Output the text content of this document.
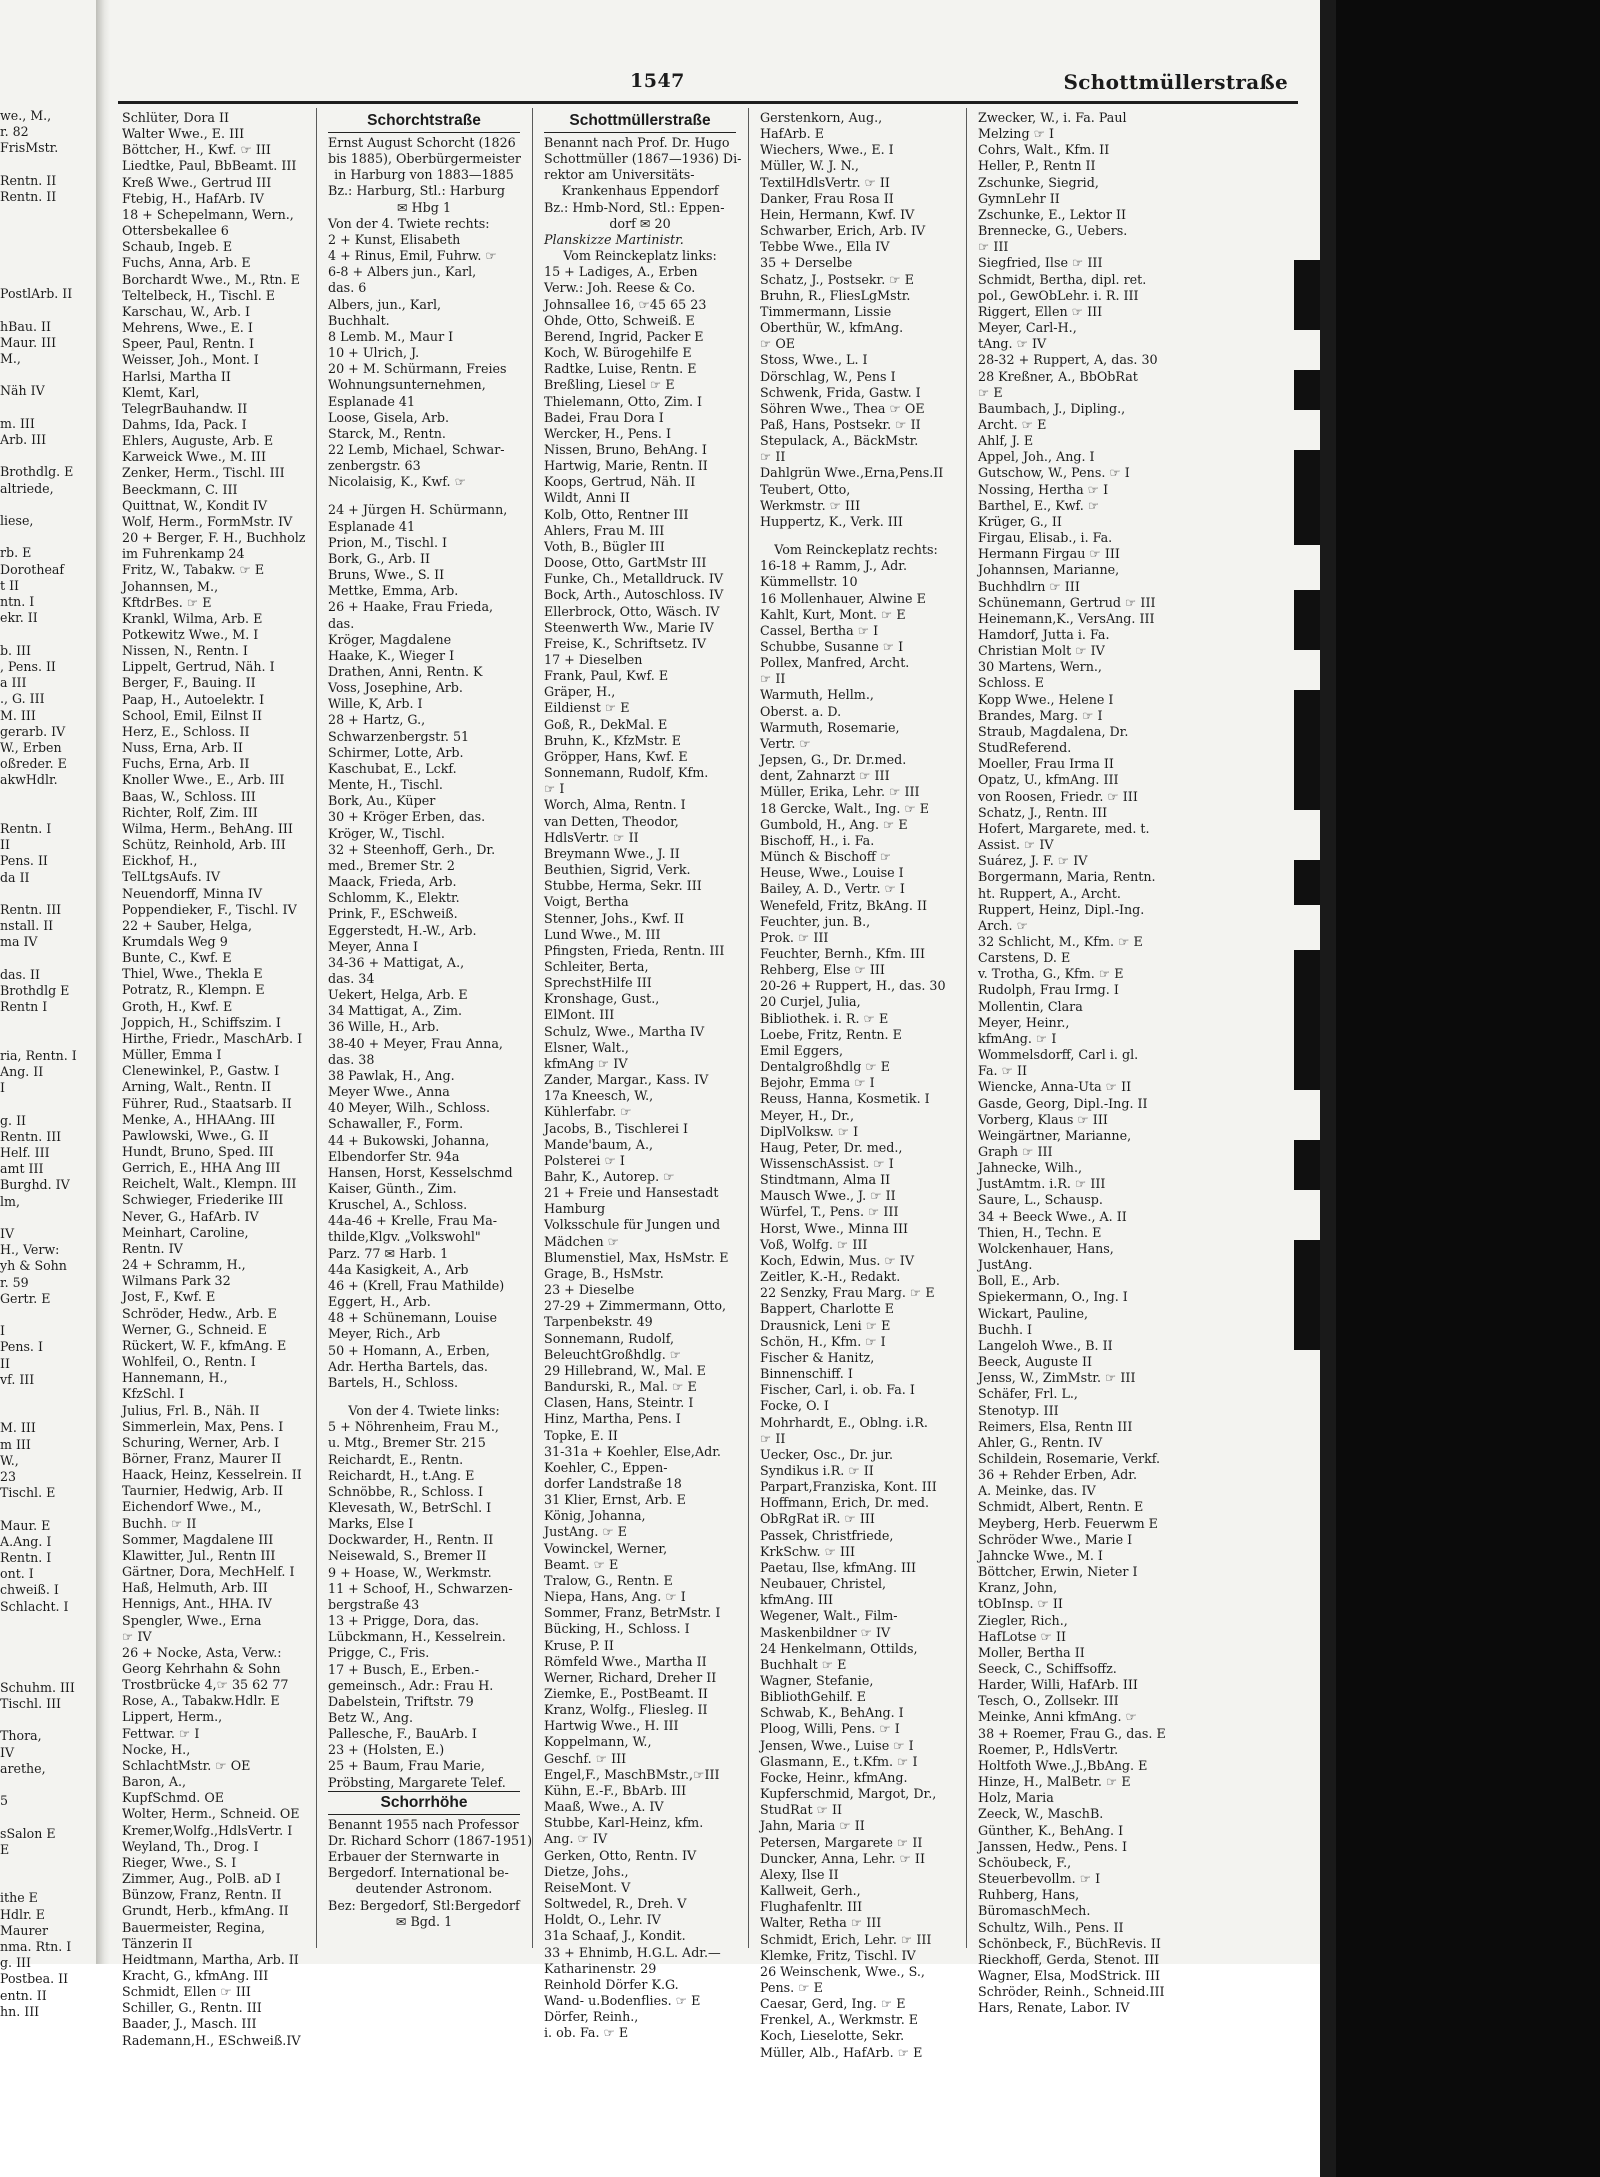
we., M.,
r. 82
FrisMstr.

Rentn. II
Rentn. II

PostlArb. II

hBau. II
Maur. III
M.,

Näh IV

m. III
Arb. III

Brothdlg. E
altriede,

liese,

rb. E
Dorotheaf
t II
ntn. I
ekr. II

b. III
, Pens. II
a III
., G. III
M. III
gerarb. IV
W., Erben
oßreder. E
akwHdlr.

Rentn. I
II
Pens. II
da II

Rentn. III
nstall. II
ma IV

das. II
Brothdlg E
Rentn I

ria, Rentn. I
Ang. II
I

g. II
Rentn. III
Helf. III
amt III
Burghd. IV
lm,

IV
H., Verw:
yh & Sohn
r. 59
Gertr. E

I
Pens. I
II
vf. III

M. III
m III
W.,
23
Tischl. E

Maur. E
A.Ang. I
Rentn. I
ont. I
chweiß. I
Schlacht. I

Schuhm. III
Tischl. III

Thora,
IV
arethe,

5

sSalon E
E

ithe E
Hdlr. E
Maurer
nma. Rtn. I
g. III
Postbea. II
entn. II
hn. III
1547	Schottmüllerstraße
Schlüter, Dora II
Walter Wwe., E. III
Böttcher, H., Kwf. ☞ III
Liedtke, Paul, BbBeamt. III
Kreß Wwe., Gertrud III
Ftebig, H., HafArb. IV
18 + Schepelmann, Wern.,
Ottersbekallee 6
Schaub, Ingeb. E
Fuchs, Anna, Arb. E
Borchardt Wwe., M., Rtn. E
Teltelbeck, H., Tischl. E
Karschau, W., Arb. I
Mehrens, Wwe., E. I
Speer, Paul, Rentn. I
Weisser, Joh., Mont. I
Harlsi, Martha II
Klemt, Karl,
TelegrBauhandw. II
Dahms, Ida, Pack. I
Ehlers, Auguste, Arb. E
Karweick Wwe., M. III
Zenker, Herm., Tischl. III
Beeckmann, C. III
Quittnat, W., Kondit IV
Wolf, Herm., FormMstr. IV
20 + Berger, F. H., Buchholz
im Fuhrenkamp 24
Fritz, W., Tabakw. ☞ E
Johannsen, M.,
KftdrBes. ☞ E
Krankl, Wilma, Arb. E
Potkewitz Wwe., M. I
Nissen, N., Rentn. I
Lippelt, Gertrud, Näh. I
Berger, F., Bauing. II
Paap, H., Autoelektr. I
School, Emil, Eilnst II
Herz, E., Schloss. II
Nuss, Erna, Arb. II
Fuchs, Erna, Arb. II
Knoller Wwe., E., Arb. III
Baas, W., Schloss. III
Richter, Rolf, Zim. III
Wilma, Herm., BehAng. III
Schütz, Reinhold, Arb. III
Eickhof, H.,
TelLtgsAufs. IV
Neuendorff, Minna IV
Poppendieker, F., Tischl. IV
22 + Sauber, Helga,
Krumdals Weg 9
Bunte, C., Kwf. E
Thiel, Wwe., Thekla E
Potratz, R., Klempn. E
Groth, H., Kwf. E
Joppich, H., Schiffszim. I
Hirthe, Friedr., MaschArb. I
Müller, Emma I
Clenewinkel, P., Gastw. I
Arning, Walt., Rentn. II
Führer, Rud., Staatsarb. II
Menke, A., HHAAng. III
Pawlowski, Wwe., G. II
Hundt, Bruno, Sped. III
Gerrich, E., HHA Ang III
Reichelt, Walt., Klempn. III
Schwieger, Friederike III
Never, G., HafArb. IV
Meinhart, Caroline,
Rentn. IV
24 + Schramm, H.,
Wilmans Park 32
Jost, F., Kwf. E
Schröder, Hedw., Arb. E
Werner, G., Schneid. E
Rückert, W. F., kfmAng. E
Wohlfeil, O., Rentn. I
Hannemann, H.,
KfzSchl. I
Julius, Frl. B., Näh. II
Simmerlein, Max, Pens. I
Schuring, Werner, Arb. I
Börner, Franz, Maurer II
Haack, Heinz, Kesselrein. II
Taurnier, Hedwig, Arb. II
Eichendorf Wwe., M.,
Buchh. ☞ II
Sommer, Magdalene III
Klawitter, Jul., Rentn III
Gärtner, Dora, MechHelf. I
Haß, Helmuth, Arb. III
Hennigs, Ant., HHA. IV
Spengler, Wwe., Erna
☞ IV
26 + Nocke, Asta, Verw.:
Georg Kehrhahn & Sohn
Trostbrücke 4,☞ 35 62 77
Rose, A., Tabakw.Hdlr. E
Lippert, Herm.,
Fettwar. ☞ I
Nocke, H.,
SchlachtMstr. ☞ OE
Baron, A.,
KupfSchmd. OE
Wolter, Herm., Schneid. OE
Kremer,Wolfg.,HdlsVertr. I
Weyland, Th., Drog. I
Rieger, Wwe., S. I
Zimmer, Aug., PolB. aD I
Bünzow, Franz, Rentn. II
Grundt, Herb., kfmAng. II
Bauermeister, Regina,
Tänzerin II
Heidtmann, Martha, Arb. II
Kracht, G., kfmAng. III
Schmidt, Ellen ☞ III
Schiller, G., Rentn. III
Baader, J., Masch. III
Rademann,H., ESchweiß.IV
Schorchtstraße
Ernst August Schorcht (1826
bis 1885), Oberbürgermeister
in Harburg von 1883—1885
Bz.: Harburg, Stl.: Harburg
✉ Hbg 1
Von der 4. Twiete rechts:
2 + Kunst, Elisabeth
4 + Rinus, Emil, Fuhrw. ☞
6-8 + Albers jun., Karl,
das. 6
Albers, jun., Karl,
Buchhalt.
8 Lemb. M., Maur I
10 + Ulrich, J.
20 + M. Schürmann, Freies
Wohnungsunternehmen,
Esplanade 41
Loose, Gisela, Arb.
Starck, M., Rentn.
22 Lemb, Michael, Schwar-
zenbergstr. 63
Nicolaisig, K., Kwf. ☞
24 + Jürgen H. Schürmann,
Esplanade 41
Prion, M., Tischl. I
Bork, G., Arb. II
Bruns, Wwe., S. II
Mettke, Emma, Arb.
26 + Haake, Frau Frieda,
das.
Kröger, Magdalene
Haake, K., Wieger I
Drathen, Anni, Rentn. K
Voss, Josephine, Arb.
Wille, K, Arb. I
28 + Hartz, G.,
Schwarzenbergstr. 51
Schirmer, Lotte, Arb.
Kaschubat, E., Lckf.
Mente, H., Tischl.
Bork, Au., Küper
30 + Kröger Erben, das.
Kröger, W., Tischl.
32 + Steenhoff, Gerh., Dr.
med., Bremer Str. 2
Maack, Frieda, Arb.
Schlomm, K., Elektr.
Prink, F., ESchweiß.
Eggerstedt, H.-W., Arb.
Meyer, Anna I
34-36 + Mattigat, A.,
das. 34
Uekert, Helga, Arb. E
34 Mattigat, A., Zim.
36 Wille, H., Arb.
38-40 + Meyer, Frau Anna,
das. 38
38 Pawlak, H., Ang.
Meyer Wwe., Anna
40 Meyer, Wilh., Schloss.
Schawaller, F., Form.
44 + Bukowski, Johanna,
Elbendorfer Str. 94a
Hansen, Horst, Kesselschmd
Kaiser, Günth., Zim.
Kruschel, A., Schloss.
44a-46 + Krelle, Frau Ma-
thilde,Klgv. „Volkswohl"
Parz. 77 ✉ Harb. 1
44a Kasigkeit, A., Arb
46 + (Krell, Frau Mathilde)
Eggert, H., Arb.
48 + Schünemann, Louise
Meyer, Rich., Arb
50 + Homann, A., Erben,
Adr. Hertha Bartels, das.
Bartels, H., Schloss.
Von der 4. Twiete links:
5 + Nöhrenheim, Frau M.,
u. Mtg., Bremer Str. 215
Reichardt, E., Rentn.
Reichardt, H., t.Ang. E
Schnöbbe, R., Schloss. I
Klevesath, W., BetrSchl. I
Marks, Else I
Dockwarder, H., Rentn. II
Neisewald, S., Bremer II
9 + Hoase, W., Werkmstr.
11 + Schoof, H., Schwarzen-
bergstraße 43
13 + Prigge, Dora, das.
Lübckmann, H., Kesselrein.
Prigge, C., Fris.
17 + Busch, E., Erben.-
gemeinsch., Adr.: Frau H.
Dabelstein, Triftstr. 79
Betz W., Ang.
Pallesche, F., BauArb. I
23 + (Holsten, E.)
25 + Baum, Frau Marie,
Pröbsting, Margarete Telef.
Schorrhöhe
Benannt 1955 nach Professor
Dr. Richard Schorr (1867-1951)
Erbauer der Sternwarte in
Bergedorf. International be-
deutender Astronom.
Bez: Bergedorf, Stl:Bergedorf
✉ Bgd. 1
Schottmüllerstraße
Benannt nach Prof. Dr. Hugo
Schottmüller (1867—1936) Di-
rektor am Universitäts-
Krankenhaus Eppendorf
Bz.: Hmb-Nord, Stl.: Eppen-
dorf ✉ 20
Planskizze Martinistr.
Vom Reinckeplatz links:
15 + Ladiges, A., Erben
Verw.: Joh. Reese & Co.
Johnsallee 16, ☞45 65 23
Ohde, Otto, Schweiß. E
Berend, Ingrid, Packer E
Koch, W. Bürogehilfe E
Radtke, Luise, Rentn. E
Breßling, Liesel ☞ E
Thielemann, Otto, Zim. I
Badei, Frau Dora I
Wercker, H., Pens. I
Nissen, Bruno, BehAng. I
Hartwig, Marie, Rentn. II
Koops, Gertrud, Näh. II
Wildt, Anni II
Kolb, Otto, Rentner III
Ahlers, Frau M. III
Voth, B., Bügler III
Doose, Otto, GartMstr III
Funke, Ch., Metalldruck. IV
Bock, Arth., Autoschloss. IV
Ellerbrock, Otto, Wäsch. IV
Steenwerth Ww., Marie IV
Freise, K., Schriftsetz. IV
17 + Dieselben
Frank, Paul, Kwf. E
Gräper, H.,
Eildienst ☞ E
Goß, R., DekMal. E
Bruhn, K., KfzMstr. E
Gröpper, Hans, Kwf. E
Sonnemann, Rudolf, Kfm.
☞ I
Worch, Alma, Rentn. I
van Detten, Theodor,
HdlsVertr. ☞ II
Breymann Wwe., J. II
Beuthien, Sigrid, Verk.
Stubbe, Herma, Sekr. III
Voigt, Bertha
Stenner, Johs., Kwf. II
Lund Wwe., M. III
Pfingsten, Frieda, Rentn. III
Schleiter, Berta,
SprechstHilfe III
Kronshage, Gust.,
ElMont. III
Schulz, Wwe., Martha IV
Elsner, Walt.,
kfmAng ☞ IV
Zander, Margar., Kass. IV
17a Kneesch, W.,
Kühlerfabr. ☞
Jacobs, B., Tischlerei I
Mande'baum, A.,
Polsterei ☞ I
Bahr, K., Autorep. ☞
21 + Freie und Hansestadt
Hamburg
Volksschule für Jungen und
Mädchen ☞
Blumenstiel, Max, HsMstr. E
Grage, B., HsMstr.
23 + Dieselbe
27-29 + Zimmermann, Otto,
Tarpenbekstr. 49
Sonnemann, Rudolf,
BeleuchtGroßhdlg. ☞
29 Hillebrand, W., Mal. E
Bandurski, R., Mal. ☞ E
Clasen, Hans, Steintr. I
Hinz, Martha, Pens. I
Topke, E. II
31-31a + Koehler, Else,Adr.
Koehler, C., Eppen-
dorfer Landstraße 18
31 Klier, Ernst, Arb. E
König, Johanna,
JustAng. ☞ E
Vowinckel, Werner,
Beamt. ☞ E
Tralow, G., Rentn. E
Niepa, Hans, Ang. ☞ I
Sommer, Franz, BetrMstr. I
Bücking, H., Schloss. I
Kruse, P. II
Römfeld Wwe., Martha II
Werner, Richard, Dreher II
Ziemke, E., PostBeamt. II
Kranz, Wolfg., Fliesleg. II
Hartwig Wwe., H. III
Koppelmann, W.,
Geschf. ☞ III
Engel,F., MaschBMstr.,☞III
Kühn, E.-F., BbArb. III
Maaß, Wwe., A. IV
Stubbe, Karl-Heinz, kfm.
Ang. ☞ IV
Gerken, Otto, Rentn. IV
Dietze, Johs.,
ReiseMont. V
Soltwedel, R., Dreh. V
Holdt, O., Lehr. IV
31a Schaaf, J., Kondit.
33 + Ehnimb, H.G.L. Adr.—
Katharinenstr. 29
Reinhold Dörfer K.G.
Wand- u.Bodenflies. ☞ E
Dörfer, Reinh.,
i. ob. Fa. ☞ E
Gerstenkorn, Aug.,
HafArb. E
Wiechers, Wwe., E. I
Müller, W. J. N.,
TextilHdlsVertr. ☞ II
Danker, Frau Rosa II
Hein, Hermann, Kwf. IV
Schwarber, Erich, Arb. IV
Tebbe Wwe., Ella IV
35 + Derselbe
Schatz, J., Postsekr. ☞ E
Bruhn, R., FliesLgMstr.
Timmermann, Lissie
Oberthür, W., kfmAng.
☞ OE
Stoss, Wwe., L. I
Dörschlag, W., Pens I
Schwenk, Frida, Gastw. I
Söhren Wwe., Thea ☞ OE
Paß, Hans, Postsekr. ☞ II
Stepulack, A., BäckMstr.
☞ II
Dahlgrün Wwe.,Erna,Pens.II
Teubert, Otto,
Werkmstr. ☞ III
Huppertz, K., Verk. III
Vom Reinckeplatz rechts:
16-18 + Ramm, J., Adr.
Kümmellstr. 10
16 Mollenhauer, Alwine E
Kahlt, Kurt, Mont. ☞ E
Cassel, Bertha ☞ I
Schubbe, Susanne ☞ I
Pollex, Manfred, Archt.
☞ II
Warmuth, Hellm.,
Oberst. a. D.
Warmuth, Rosemarie,
Vertr. ☞
Jepsen, G., Dr. Dr.med.
dent, Zahnarzt ☞ III
Müller, Erika, Lehr. ☞ III
18 Gercke, Walt., Ing. ☞ E
Gumbold, H., Ang. ☞ E
Bischoff, H., i. Fa.
Münch & Bischoff ☞
Heuse, Wwe., Louise I
Bailey, A. D., Vertr. ☞ I
Wenefeld, Fritz, BkAng. II
Feuchter, jun. B.,
Prok. ☞ III
Feuchter, Bernh., Kfm. III
Rehberg, Else ☞ III
20-26 + Ruppert, H., das. 30
20 Curjel, Julia,
Bibliothek. i. R. ☞ E
Loebe, Fritz, Rentn. E
Emil Eggers,
Dentalgroßhdlg ☞ E
Bejohr, Emma ☞ I
Reuss, Hanna, Kosmetik. I
Meyer, H., Dr.,
DiplVolksw. ☞ I
Haug, Peter, Dr. med.,
WissenschAssist. ☞ I
Stindtmann, Alma II
Mausch Wwe., J. ☞ II
Würfel, T., Pens. ☞ III
Horst, Wwe., Minna III
Voß, Wolfg. ☞ III
Koch, Edwin, Mus. ☞ IV
Zeitler, K.-H., Redakt.
22 Senzky, Frau Marg. ☞ E
Bappert, Charlotte E
Drausnick, Leni ☞ E
Schön, H., Kfm. ☞ I
Fischer & Hanitz,
Binnenschiff. I
Fischer, Carl, i. ob. Fa. I
Focke, O. I
Mohrhardt, E., Oblng. i.R.
☞ II
Uecker, Osc., Dr. jur.
Syndikus i.R. ☞ II
Parpart,Franziska, Kont. III
Hoffmann, Erich, Dr. med.
ObRgRat iR. ☞ III
Passek, Christfriede,
KrkSchw. ☞ III
Paetau, Ilse, kfmAng. III
Neubauer, Christel,
kfmAng. III
Wegener, Walt., Film-
Maskenbildner ☞ IV
24 Henkelmann, Ottilds,
Buchhalt ☞ E
Wagner, Stefanie,
BibliothGehilf. E
Schwab, K., BehAng. I
Ploog, Willi, Pens. ☞ I
Jensen, Wwe., Luise ☞ I
Glasmann, E., t.Kfm. ☞ I
Focke, Heinr., kfmAng.
Kupferschmid, Margot, Dr.,
StudRat ☞ II
Jahn, Maria ☞ II
Petersen, Margarete ☞ II
Duncker, Anna, Lehr. ☞ II
Alexy, Ilse II
Kallweit, Gerh.,
Flughafenltr. III
Walter, Retha ☞ III
Schmidt, Erich, Lehr. ☞ III
Klemke, Fritz, Tischl. IV
26 Weinschenk, Wwe., S.,
Pens. ☞ E
Caesar, Gerd, Ing. ☞ E
Frenkel, A., Werkmstr. E
Koch, Lieselotte, Sekr.
Müller, Alb., HafArb. ☞ E
Zwecker, W., i. Fa. Paul
Melzing ☞ I
Cohrs, Walt., Kfm. II
Heller, P., Rentn II
Zschunke, Siegrid,
GymnLehr II
Zschunke, E., Lektor II
Brennecke, G., Uebers.
☞ III
Siegfried, Ilse ☞ III
Schmidt, Bertha, dipl. ret.
pol., GewObLehr. i. R. III
Riggert, Ellen ☞ III
Meyer, Carl-H.,
tAng. ☞ IV
28-32 + Ruppert, A, das. 30
28 Kreßner, A., BbObRat
☞ E
Baumbach, J., Dipling.,
Archt. ☞ E
Ahlf, J. E
Appel, Joh., Ang. I
Gutschow, W., Pens. ☞ I
Nossing, Hertha ☞ I
Barthel, E., Kwf. ☞
Krüger, G., II
Firgau, Elisab., i. Fa.
Hermann Firgau ☞ III
Johannsen, Marianne,
Buchhdlrn ☞ III
Schünemann, Gertrud ☞ III
Heinemann,K., VersAng. III
Hamdorf, Jutta i. Fa.
Christian Molt ☞ IV
30 Martens, Wern.,
Schloss. E
Kopp Wwe., Helene I
Brandes, Marg. ☞ I
Straub, Magdalena, Dr.
StudReferend.
Moeller, Frau Irma II
Opatz, U., kfmAng. III
von Roosen, Friedr. ☞ III
Schatz, J., Rentn. III
Hofert, Margarete, med. t.
Assist. ☞ IV
Suárez, J. F. ☞ IV
Borgermann, Maria, Rentn.
ht. Ruppert, A., Archt.
Ruppert, Heinz, Dipl.-Ing.
Arch. ☞
32 Schlicht, M., Kfm. ☞ E
Carstens, D. E
v. Trotha, G., Kfm. ☞ E
Rudolph, Frau Irmg. I
Mollentin, Clara
Meyer, Heinr.,
kfmAng. ☞ I
Wommelsdorff, Carl i. gl.
Fa. ☞ II
Wiencke, Anna-Uta ☞ II
Gasde, Georg, Dipl.-Ing. II
Vorberg, Klaus ☞ III
Weingärtner, Marianne,
Graph ☞ III
Jahnecke, Wilh.,
JustAmtm. i.R. ☞ III
Saure, L., Schausp.
34 + Beeck Wwe., A. II
Thien, H., Techn. E
Wolckenhauer, Hans,
JustAng.
Boll, E., Arb.
Spiekermann, O., Ing. I
Wickart, Pauline,
Buchh. I
Langeloh Wwe., B. II
Beeck, Auguste II
Jenss, W., ZimMstr. ☞ III
Schäfer, Frl. L.,
Stenotyp. III
Reimers, Elsa, Rentn III
Ahler, G., Rentn. IV
Schildein, Rosemarie, Verkf.
36 + Rehder Erben, Adr.
A. Meinke, das. IV
Schmidt, Albert, Rentn. E
Meyberg, Herb. Feuerwm E
Schröder Wwe., Marie I
Jahncke Wwe., M. I
Böttcher, Erwin, Nieter I
Kranz, John,
tObInsp. ☞ II
Ziegler, Rich.,
HafLotse ☞ II
Moller, Bertha II
Seeck, C., Schiffsoffz.
Harder, Willi, HafArb. III
Tesch, O., Zollsekr. III
Meinke, Anni kfmAng. ☞
38 + Roemer, Frau G., das. E
Roemer, P., HdlsVertr.
Holtfoth Wwe.,J.,BbAng. E
Hinze, H., MalBetr. ☞ E
Holz, Maria
Zeeck, W., MaschB.
Günther, K., BehAng. I
Janssen, Hedw., Pens. I
Schöubeck, F.,
Steuerbevollm. ☞ I
Ruhberg, Hans,
BüromaschMech.
Schultz, Wilh., Pens. II
Schönbeck, F., BüchRevis. II
Rieckhoff, Gerda, Stenot. III
Wagner, Elsa, ModStrick. III
Schröder, Reinh., Schneid.III
Hars, Renate, Labor. IV
